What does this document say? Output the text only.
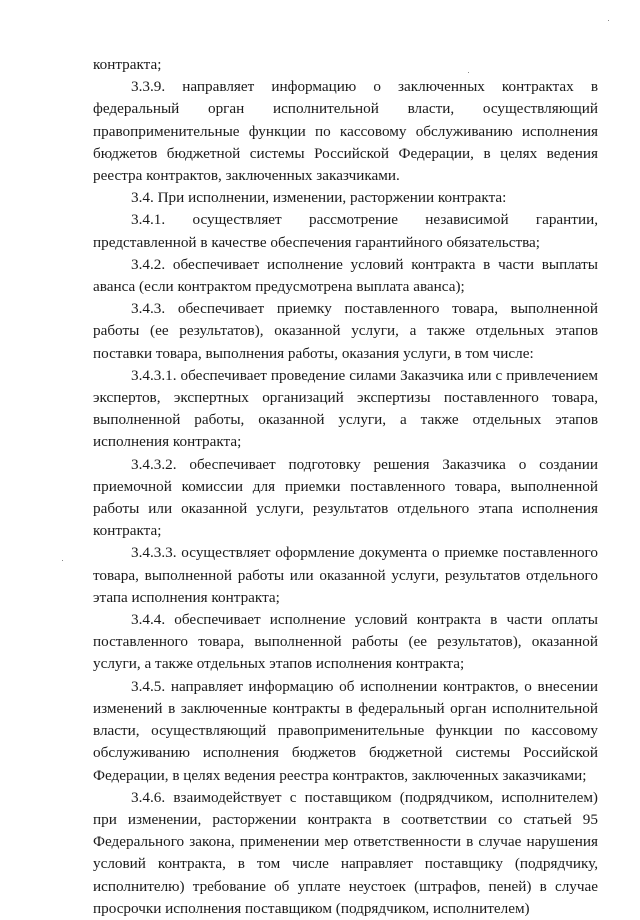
контракта;

3.3.9. направляет информацию о заключенных контрактах в федеральный орган исполнительной власти, осуществляющий правоприменительные функции по кассовому обслуживанию исполнения бюджетов бюджетной системы Российской Федерации, в целях ведения реестра контрактов, заключенных заказчиками.

3.4. При исполнении, изменении, расторжении контракта:

3.4.1. осуществляет рассмотрение независимой гарантии, представленной в качестве обеспечения гарантийного обязательства;

3.4.2. обеспечивает исполнение условий контракта в части выплаты аванса (если контрактом предусмотрена выплата аванса);

3.4.3. обеспечивает приемку поставленного товара, выполненной работы (ее результатов), оказанной услуги, а также отдельных этапов поставки товара, выполнения работы, оказания услуги, в том числе:

3.4.3.1. обеспечивает проведение силами Заказчика или с привлечением экспертов, экспертных организаций экспертизы поставленного товара, выполненной работы, оказанной услуги, а также отдельных этапов исполнения контракта;

3.4.3.2. обеспечивает подготовку решения Заказчика о создании приемочной комиссии для приемки поставленного товара, выполненной работы или оказанной услуги, результатов отдельного этапа исполнения контракта;

3.4.3.3. осуществляет оформление документа о приемке поставленного товара, выполненной работы или оказанной услуги, результатов отдельного этапа исполнения контракта;

3.4.4. обеспечивает исполнение условий контракта в части оплаты поставленного товара, выполненной работы (ее результатов), оказанной услуги, а также отдельных этапов исполнения контракта;

3.4.5. направляет информацию об исполнении контрактов, о внесении изменений в заключенные контракты в федеральный орган исполнительной власти, осуществляющий правоприменительные функции по кассовому обслуживанию исполнения бюджетов бюджетной системы Российской Федерации, в целях ведения реестра контрактов, заключенных заказчиками;

3.4.6. взаимодействует с поставщиком (подрядчиком, исполнителем) при изменении, расторжении контракта в соответствии со статьей 95 Федерального закона, применении мер ответственности в случае нарушения условий контракта, в том числе направляет поставщику (подрядчику, исполнителю) требование об уплате неустоек (штрафов, пеней) в случае просрочки исполнения поставщиком (подрядчиком, исполнителем)
